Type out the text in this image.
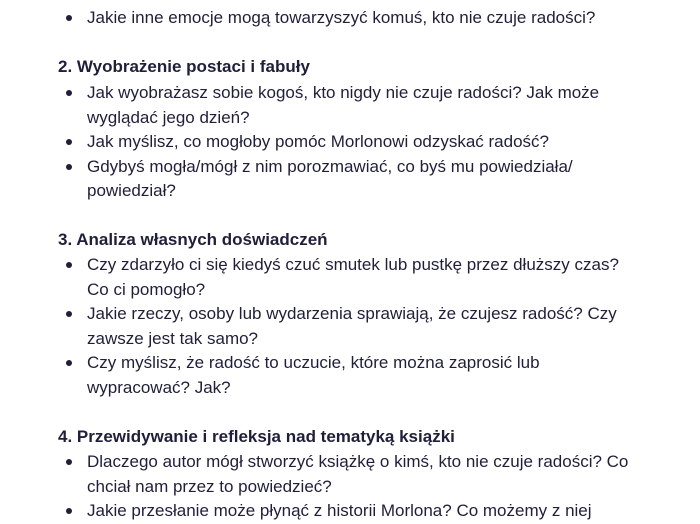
Jakie inne emocje mogą towarzyszyć komuś, kto nie czuje radości?
2. Wyobrażenie postaci i fabuły
Jak wyobrażasz sobie kogoś, kto nigdy nie czuje radości? Jak może
wyglądać jego dzień?
Jak myślisz, co mogłoby pomóc Morlonowi odzyskać radość?
Gdybyś mogła/mógł z nim porozmawiać, co byś mu powiedziała/
powiedział?
3. Analiza własnych doświadczeń
Czy zdarzyło ci się kiedyś czuć smutek lub pustkę przez dłuższy czas?
Co ci pomogło?
Jakie rzeczy, osoby lub wydarzenia sprawiają, że czujesz radość? Czy
zawsze jest tak samo?
Czy myślisz, że radość to uczucie, które można zaprosić lub
wypracować? Jak?
4. Przewidywanie i refleksja nad tematyką książki
Dlaczego autor mógł stworzyć książkę o kimś, kto nie czuje radości? Co
chciał nam przez to powiedzieć?
Jakie przesłanie może płynąć z historii Morlona? Co możemy z niej
